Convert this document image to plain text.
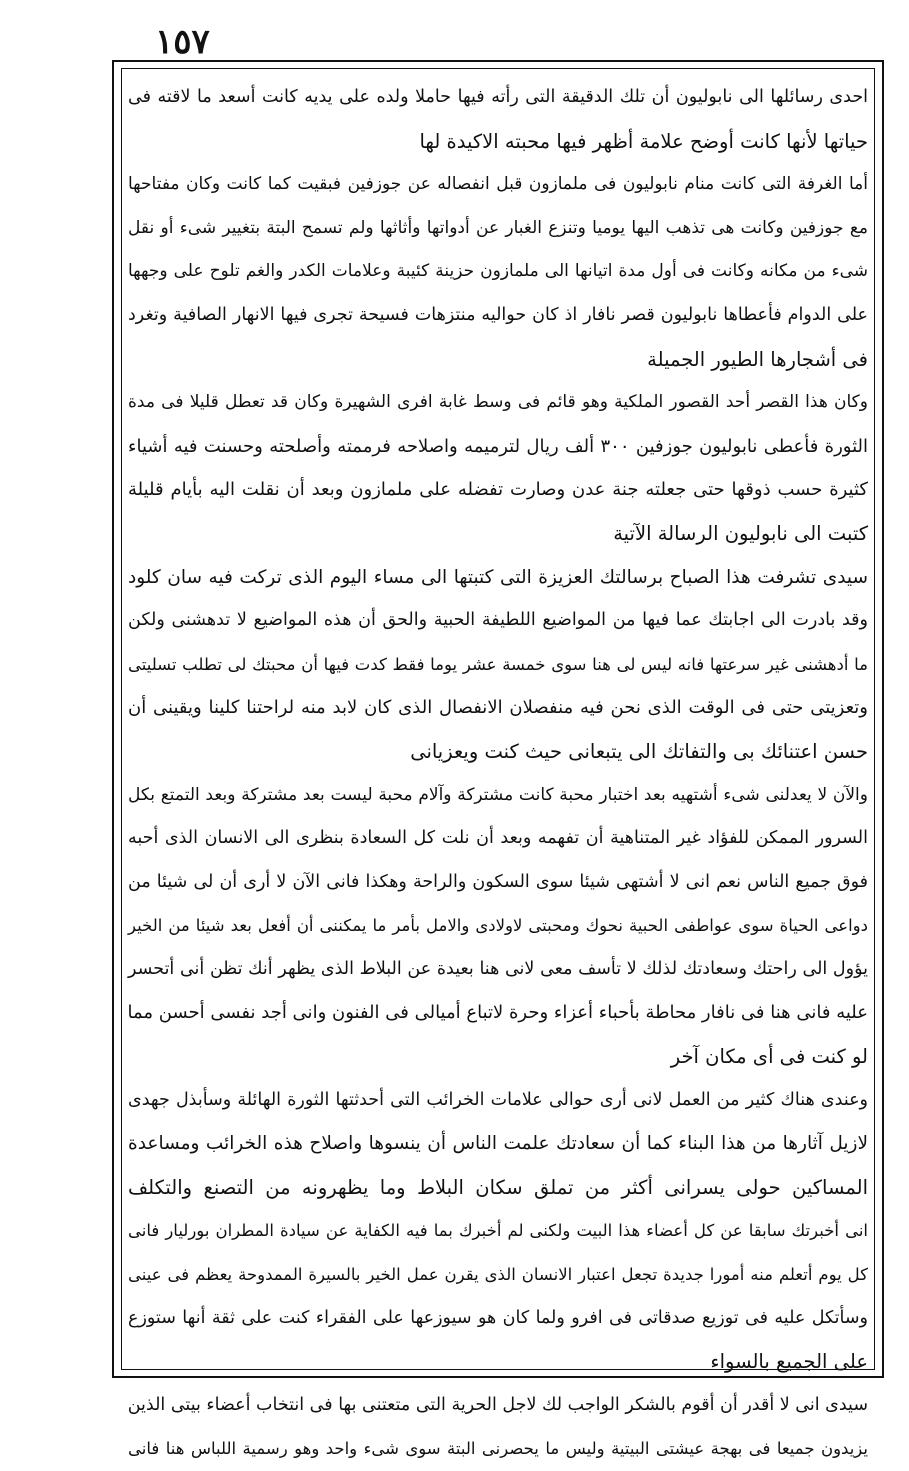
١٥٧
احدى رسائلها الى نابوليون أن تلك الدقيقة التى رأته فيها حاملا ولده على يديه كانت أسعد ما لاقته فى
حياتها لأنها كانت أوضح علامة أظهر فيها محبته الاكيدة لها
أما الغرفة التى كانت منام نابوليون فى ملمازون قبل انفصاله عن جوزفين فبقيت كما كانت وكان مفتاحها
مع جوزفين وكانت هى تذهب اليها يوميا وتنزع الغبار عن أدواتها وأثاثها ولم تسمح البتة بتغيير شىء أو نقل
شىء من مكانه وكانت فى أول مدة اتيانها الى ملمازون حزينة كئيبة وعلامات الكدر والغم تلوح على وجهها
على الدوام فأعطاها نابوليون قصر نافار اذ كان حواليه منتزهات فسيحة تجرى فيها الانهار الصافية وتغرد
فى أشجارها الطيور الجميلة
وكان هذا القصر أحد القصور الملكية وهو قائم فى وسط غابة افرى الشهيرة وكان قد تعطل قليلا فى مدة
الثورة فأعطى نابوليون جوزفين ٣٠٠ ألف ريال لترميمه واصلاحه فرممته وأصلحته وحسنت فيه أشياء
كثيرة حسب ذوقها حتى جعلته جنة عدن وصارت تفضله على ملمازون وبعد أن نقلت اليه بأيام قليلة
كتبت الى نابوليون الرسالة الآتية
سيدى تشرفت هذا الصباح برسالتك العزيزة التى كتبتها الى مساء اليوم الذى تركت فيه سان كلود
وقد بادرت الى اجابتك عما فيها من المواضيع اللطيفة الحبية والحق أن هذه المواضيع لا تدهشنى ولكن
ما أدهشنى غير سرعتها فانه ليس لى هنا سوى خمسة عشر يوما فقط كدت فيها أن محبتك لى تطلب تسليتى
وتعزيتى حتى فى الوقت الذى نحن فيه منفصلان الانفصال الذى كان لابد منه لراحتنا كلينا ويقينى أن
حسن اعتنائك بى والتفاتك الى يتبعانى حيث كنت ويعزيانى
والآن لا يعدلنى شىء أشتهيه بعد اختبار محبة كانت مشتركة وآلام محبة ليست بعد مشتركة وبعد التمتع بكل
السرور الممكن للفؤاد غير المتناهية أن تفهمه وبعد أن نلت كل السعادة بنظرى الى الانسان الذى أحبه
فوق جميع الناس نعم انى لا أشتهى شيئا سوى السكون والراحة وهكذا فانى الآن لا أرى أن لى شيئا من
دواعى الحياة سوى عواطفى الحبية نحوك ومحبتى لاولادى والامل بأمر ما يمكننى أن أفعل بعد شيئا من الخير
يؤول الى راحتك وسعادتك لذلك لا تأسف معى لانى هنا بعيدة عن البلاط الذى يظهر أنك تظن أنى أتحسر
عليه فانى هنا فى نافار محاطة بأحباء أعزاء وحرة لاتباع أميالى فى الفنون وانى أجد نفسى أحسن مما
لو كنت فى أى مكان آخر
وعندى هناك كثير من العمل لانى أرى حوالى علامات الخرائب التى أحدثتها الثورة الهائلة وسأبذل جهدى
لازيل آثارها من هذا البناء كما أن سعادتك علمت الناس أن ينسوها واصلاح هذه الخرائب ومساعدة
المساكين حولى يسرانى أكثر من تملق سكان البلاط وما يظهرونه من التصنع والتكلف
انى أخبرتك سابقا عن كل أعضاء هذا البيت ولكنى لم أخبرك بما فيه الكفاية عن سيادة المطران بورليار فانى
كل يوم أتعلم منه أمورا جديدة تجعل اعتبار الانسان الذى يقرن عمل الخير بالسيرة الممدوحة يعظم فى عينى
وسأتكل عليه فى توزيع صدقاتى فى افرو ولما كان هو سيوزعها على الفقراء كنت على ثقة أنها ستوزع
على الجميع بالسواء
سيدى انى لا أقدر أن أقوم بالشكر الواجب لك لاجل الحرية التى متعتنى بها فى انتخاب أعضاء بيتى الذين
يزيدون جميعا فى بهجة عيشتى البيتية وليس ما يحصرنى البتة سوى شىء واحد وهو رسمية اللباس هنا فانى
